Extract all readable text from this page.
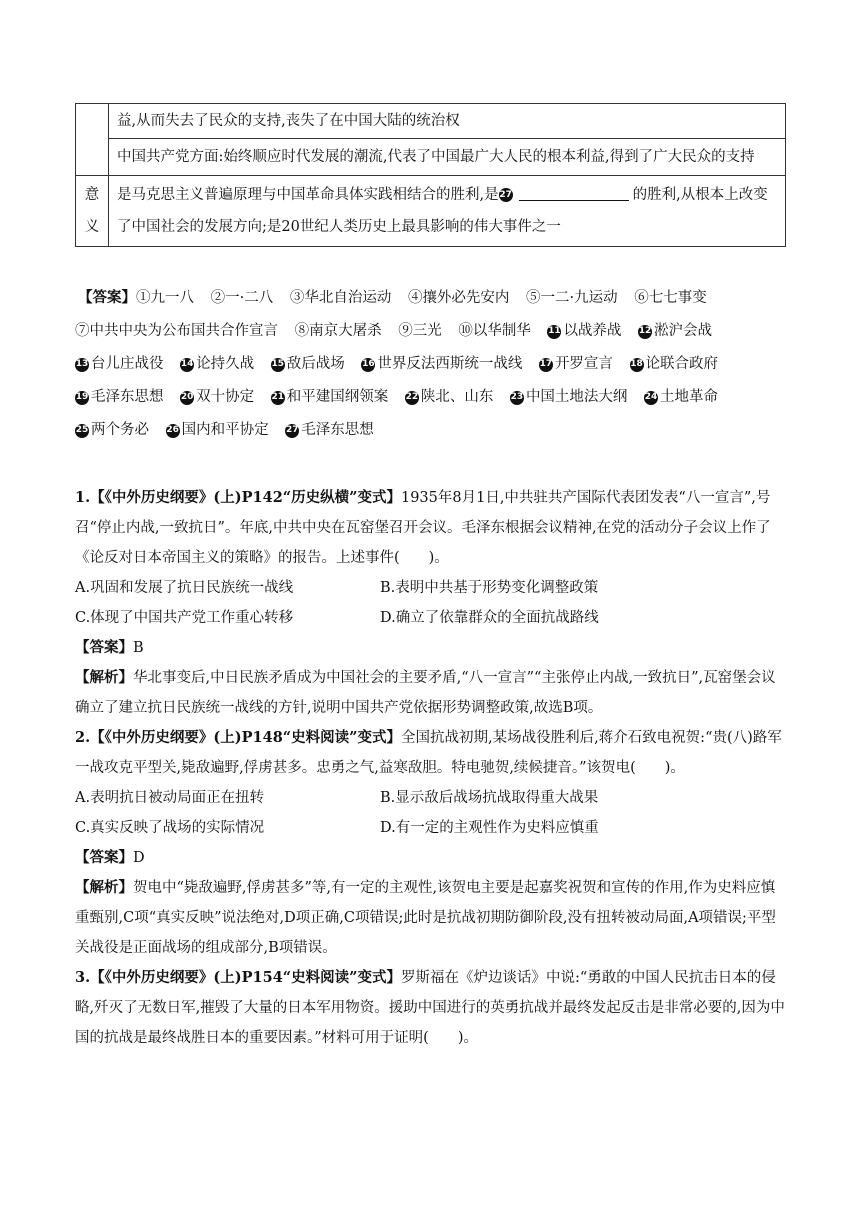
	益,从而失去了民众的支持,丧失了在中国大陆的统治权
	中国共产党方面:始终顺应时代发展的潮流,代表了中国最广大人民的根本利益,得到了广大民众的支持
意义	是马克思主义普遍原理与中国革命具体实践相结合的胜利,是27 的胜利,从根本上改变了中国社会的发展方向;是20世纪人类历史上最具影响的伟大事件之一
【答案】①九一八 ②一·二八 ③华北自治运动 ④攘外必先安内 ⑤一二·九运动 ⑥七七事变 ⑦中共中央为公布国共合作宣言 ⑧南京大屠杀 ⑨三光 ⑩以华制华 11 以战养战 12 淞沪会战 13 台儿庄战役 14 论持久战 15 敌后战场 16 世界反法西斯统一战线 17 开罗宣言 18 论联合政府 19 毛泽东思想 20 双十协定 21 和平建国纲领案 22 陕北、山东 23 中国土地法大纲 24 土地革命 25 两个务必 26 国内和平协定 27 毛泽东思想

1.【《中外历史纲要》(上)P142“历史纵横”变式】1935年8月1日,中共驻共产国际代表团发表“八一宣言”,号召“停止内战,一致抗日”。年底,中共中央在瓦窑堡召开会议。毛泽东根据会议精神,在党的活动分子会议上作了《论反对日本帝国主义的策略》的报告。上述事件(　　)。

A.巩固和发展了抗日民族统一战线	B.表明中共基于形势变化调整政策
C.体现了中国共产党工作重心转移	D.确立了依靠群众的全面抗战路线

【答案】B

【解析】华北事变后,中日民族矛盾成为中国社会的主要矛盾,“八一宣言”“主张停止内战,一致抗日”,瓦窑堡会议确立了建立抗日民族统一战线的方针,说明中国共产党依据形势调整政策,故选B项。

2.【《中外历史纲要》(上)P148“史料阅读”变式】全国抗战初期,某场战役胜利后,蒋介石致电祝贺:“贵(八)路军一战攻克平型关,毙敌遍野,俘虏甚多。忠勇之气,益寒敌胆。特电驰贺,续候捷音。”该贺电(　　)。

A.表明抗日被动局面正在扭转	B.显示敌后战场抗战取得重大战果
C.真实反映了战场的实际情况	D.有一定的主观性作为史料应慎重

【答案】D

【解析】贺电中“毙敌遍野,俘虏甚多”等,有一定的主观性,该贺电主要是起嘉奖祝贺和宣传的作用,作为史料应慎重甄别,C项“真实反映”说法绝对,D项正确,C项错误;此时是抗战初期防御阶段,没有扭转被动局面,A项错误;平型关战役是正面战场的组成部分,B项错误。

3.【《中外历史纲要》(上)P154“史料阅读”变式】罗斯福在《炉边谈话》中说:“勇敢的中国人民抗击日本的侵略,歼灭了无数日军,摧毁了大量的日本军用物资。援助中国进行的英勇抗战并最终发起反击是非常必要的,因为中国的抗战是最终战胜日本的重要因素。”材料可用于证明(　　)。
